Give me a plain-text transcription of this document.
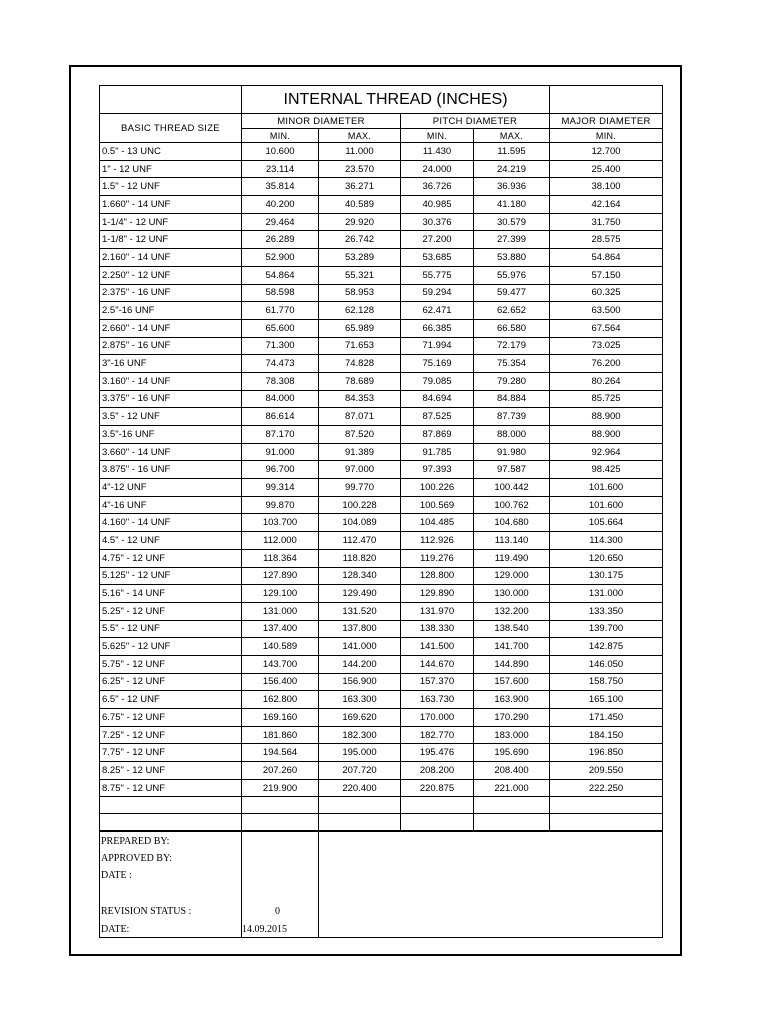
	INTERNAL THREAD (INCHES)				
BASIC THREAD SIZE	MINOR DIAMETER		PITCH DIAMETER		MAJOR DIAMETER
	MIN.	MAX.	MIN.	MAX.	MIN.
0.5" - 13 UNC	10.600	11.000	11.430	11.595	12.700
1" - 12 UNF	23.114	23.570	24.000	24.219	25.400
1.5" - 12 UNF	35.814	36.271	36.726	36.936	38.100
1.660" - 14 UNF	40.200	40.589	40.985	41.180	42.164
1-1/4" - 12 UNF	29.464	29.920	30.376	30.579	31.750
1-1/8" - 12 UNF	26.289	26.742	27.200	27.399	28.575
2.160" - 14 UNF	52.900	53.289	53.685	53.880	54.864
2.250" - 12 UNF	54.864	55.321	55.775	55.976	57.150
2.375" - 16 UNF	58.598	58.953	59.294	59.477	60.325
2.5"-16 UNF	61.770	62.128	62.471	62.652	63.500
2.660" - 14 UNF	65.600	65.989	66.385	66.580	67.564
2.875" - 16 UNF	71.300	71.653	71.994	72.179	73.025
3"-16 UNF	74.473	74.828	75.169	75.354	76.200
3.160" - 14 UNF	78.308	78.689	79.085	79.280	80.264
3.375" - 16 UNF	84.000	84.353	84.694	84.884	85.725
3.5" - 12 UNF	86.614	87.071	87.525	87.739	88.900
3.5"-16 UNF	87.170	87.520	87.869	88.000	88.900
3.660" - 14 UNF	91.000	91.389	91.785	91.980	92.964
3.875" - 16 UNF	96.700	97.000	97.393	97.587	98.425
4"-12 UNF	99.314	99.770	100.226	100.442	101.600
4"-16 UNF	99.870	100.228	100.569	100.762	101.600
4.160" - 14 UNF	103.700	104.089	104.485	104.680	105.664
4.5" - 12 UNF	112.000	112.470	112.926	113.140	114.300
4.75" - 12 UNF	118.364	118.820	119.276	119.490	120.650
5.125" - 12 UNF	127.890	128.340	128.800	129.000	130.175
5.16" - 14 UNF	129.100	129.490	129.890	130.000	131.000
5.25" - 12 UNF	131.000	131.520	131.970	132.200	133.350
5.5" - 12 UNF	137.400	137.800	138.330	138.540	139.700
5.625" - 12 UNF	140.589	141.000	141.500	141.700	142.875
5.75" - 12 UNF	143.700	144.200	144.670	144.890	146.050
6.25" - 12 UNF	156.400	156.900	157.370	157.600	158.750
6.5" - 12 UNF	162.800	163.300	163.730	163.900	165.100
6.75" - 12 UNF	169.160	169.620	170.000	170.290	171.450
7.25" - 12 UNF	181.860	182.300	182.770	183.000	184.150
7.75" - 12 UNF	194.564	195.000	195.476	195.690	196.850
8.25" - 12 UNF	207.260	207.720	208.200	208.400	209.550
8.75" - 12 UNF	219.900	220.400	220.875	221.000	222.250

PREPARED BY:
APPROVED BY:
DATE :
REVISION STATUS :	0
DATE:	14.09.2015
